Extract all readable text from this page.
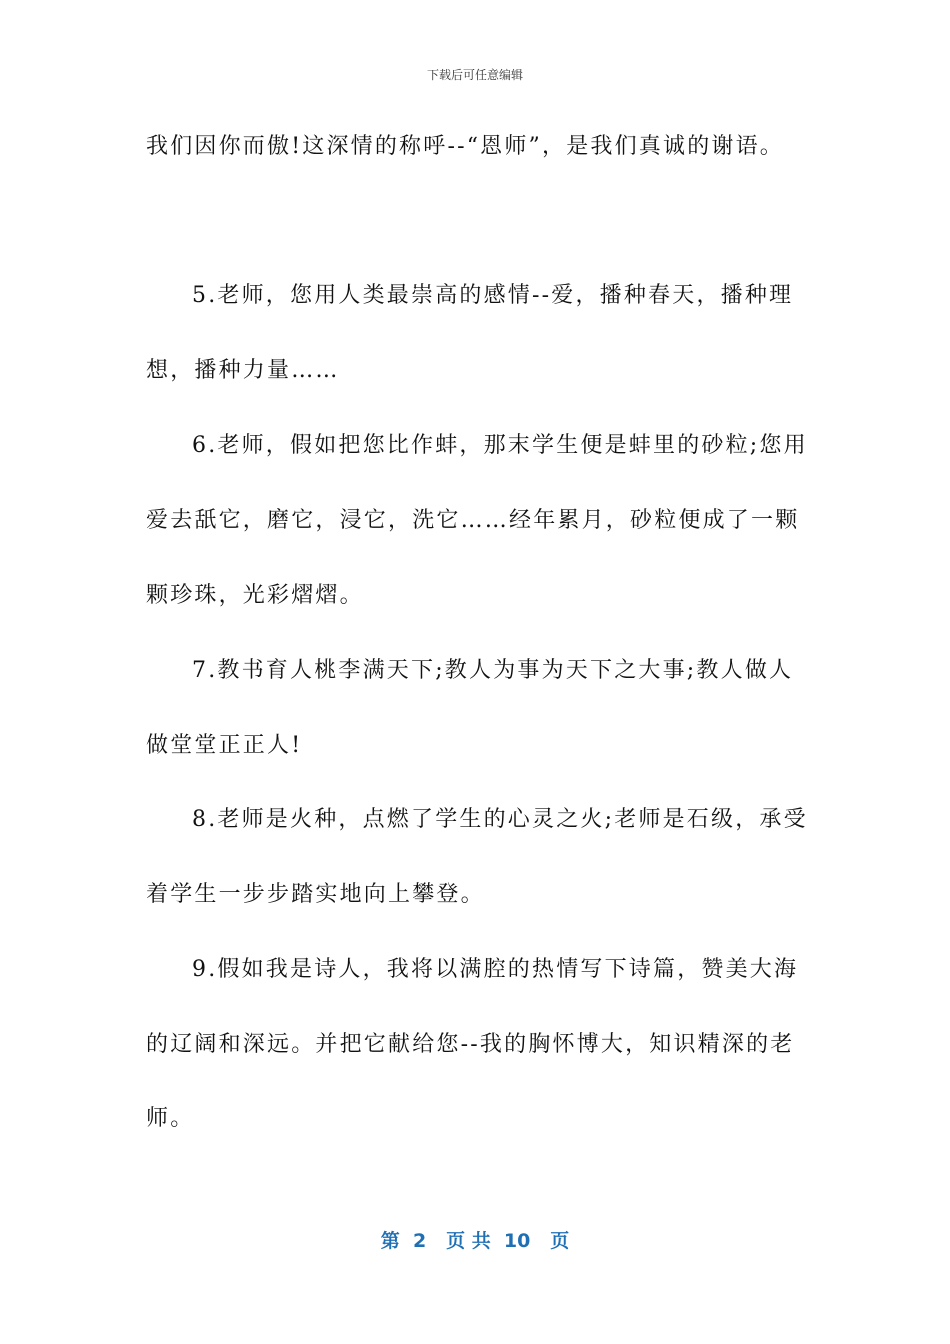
下载后可任意编辑
我们因你而傲!这深情的称呼--“恩师”，是我们真诚的谢语。
5.老师，您用人类最崇高的感情--爱，播种春天，播种理
想，播种力量……
6.老师，假如把您比作蚌，那末学生便是蚌里的砂粒;您用
爱去舐它，磨它，浸它，洗它……经年累月，砂粒便成了一颗
颗珍珠，光彩熠熠。
7.教书育人桃李满天下;教人为事为天下之大事;教人做人
做堂堂正正人!
8.老师是火种，点燃了学生的心灵之火;老师是石级，承受
着学生一步步踏实地向上攀登。
9.假如我是诗人，我将以满腔的热情写下诗篇，赞美大海
的辽阔和深远。并把它献给您--我的胸怀博大，知识精深的老
师。
第  2   页 共  10   页
